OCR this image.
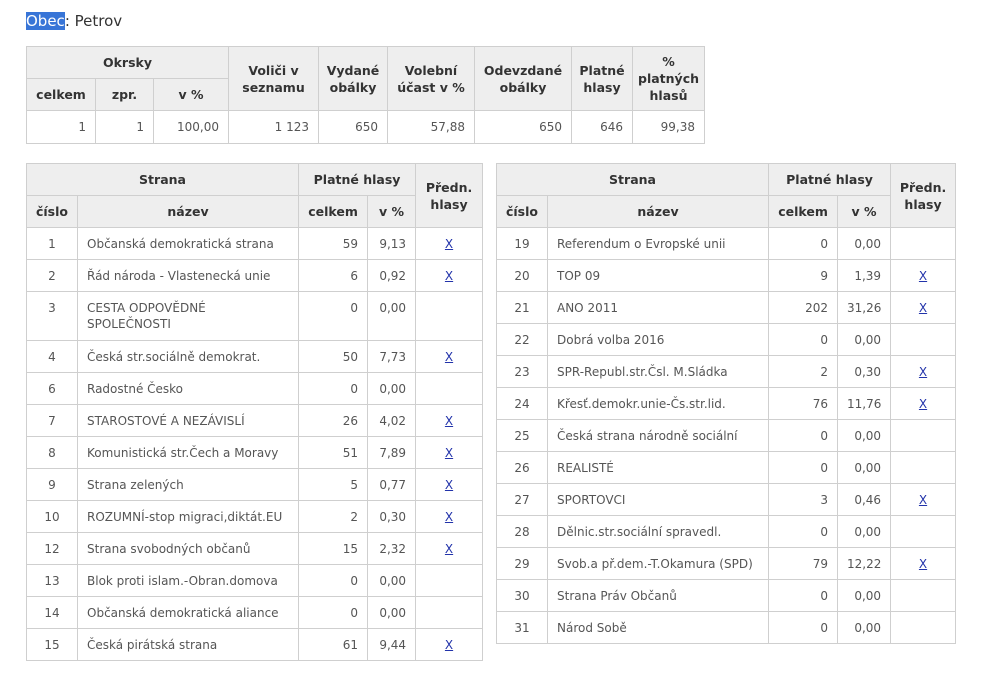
Obec: Petrov
Okrsky			Voliči v seznamu	Vydané obálky	Volební účast v %	Odevzdané obálky	Platné hlasy	% platných hlasů
celkem	zpr.	v %						
1	1	100,00	1 123	650	57,88	650	646	99,38
Strana		Platné hlasy		Předn. hlasy
číslo	název	celkem	v %	
1	Občanská demokratická strana	59	9,13	X
2	Řád národa - Vlastenecká unie	6	0,92	X
3	CESTA ODPOVĚDNÉ SPOLEČNOSTI	0	0,00	
4	Česká str.sociálně demokrat.	50	7,73	X
6	Radostné Česko	0	0,00	
7	STAROSTOVÉ A NEZÁVISLÍ	26	4,02	X
8	Komunistická str.Čech a Moravy	51	7,89	X
9	Strana zelených	5	0,77	X
10	ROZUMNÍ-stop migraci,diktát.EU	2	0,30	X
12	Strana svobodných občanů	15	2,32	X
13	Blok proti islam.-Obran.domova	0	0,00	
14	Občanská demokratická aliance	0	0,00	
15	Česká pirátská strana	61	9,44	X
Strana		Platné hlasy		Předn. hlasy
číslo	název	celkem	v %	
19	Referendum o Evropské unii	0	0,00	
20	TOP 09	9	1,39	X
21	ANO 2011	202	31,26	X
22	Dobrá volba 2016	0	0,00	
23	SPR-Republ.str.Čsl. M.Sládka	2	0,30	X
24	Křesť.demokr.unie-Čs.str.lid.	76	11,76	X
25	Česká strana národně sociální	0	0,00	
26	REALISTÉ	0	0,00	
27	SPORTOVCI	3	0,46	X
28	Dělnic.str.sociální spravedl.	0	0,00	
29	Svob.a př.dem.-T.Okamura (SPD)	79	12,22	X
30	Strana Práv Občanů	0	0,00	
31	Národ Sobě	0	0,00	
